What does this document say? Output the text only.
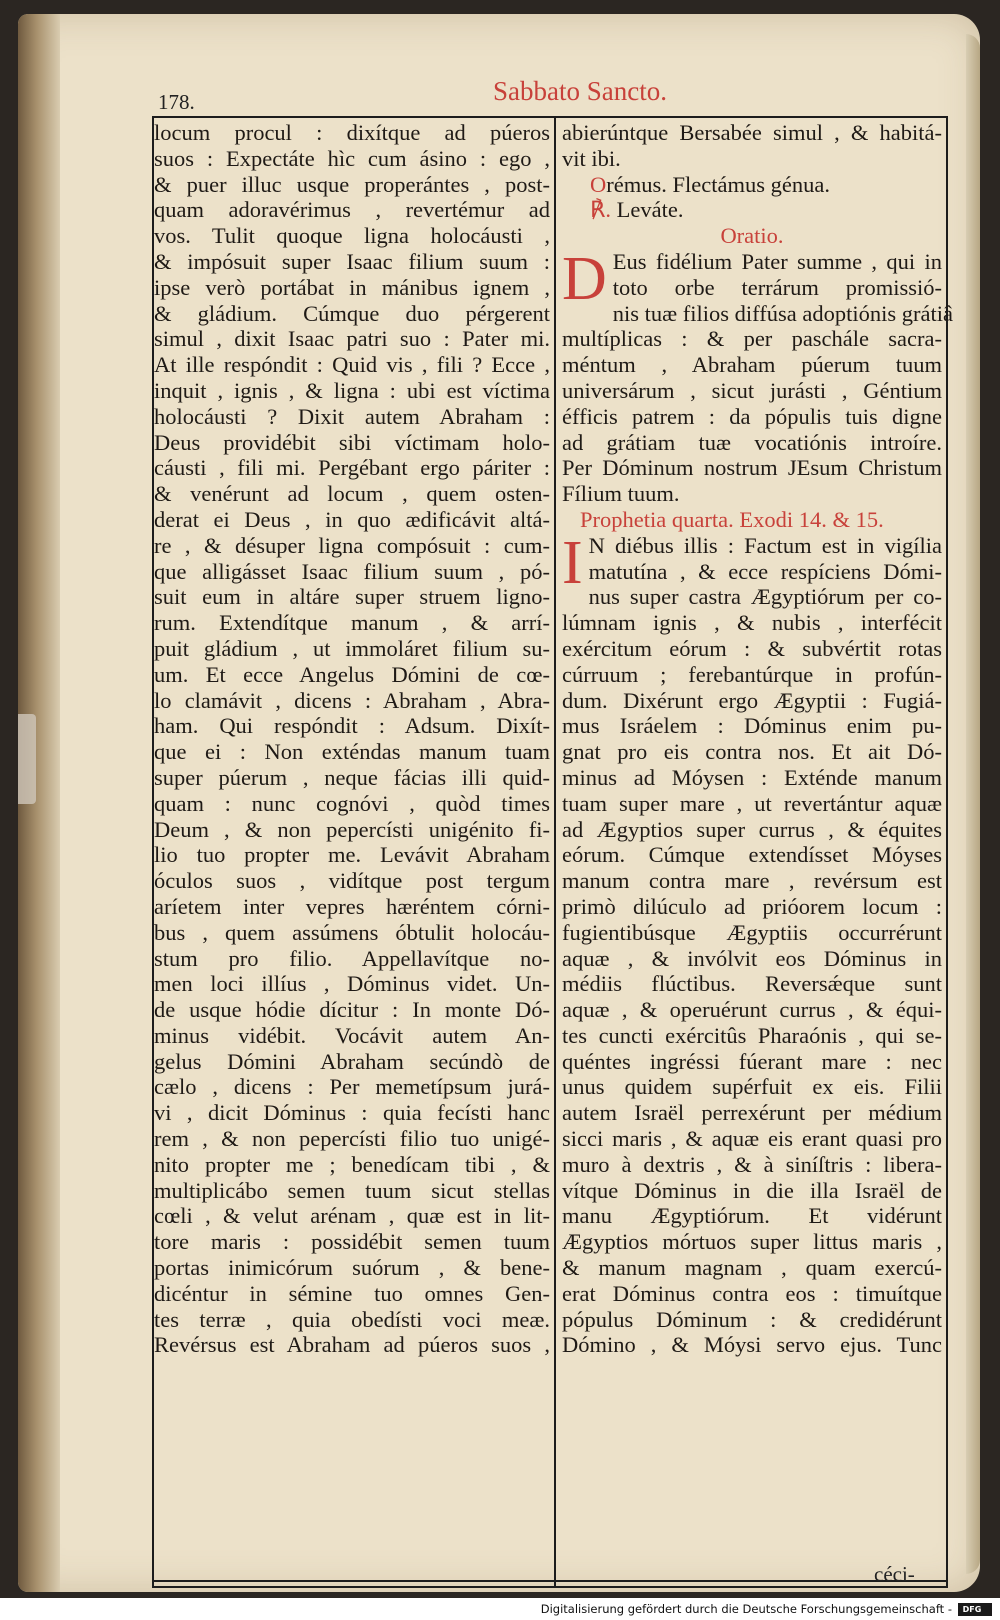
178.	Sabbato Sancto.
locum procul : dixítque ad púeros
suos : Expectáte hìc cum ásino : ego ,
& puer illuc usque properántes , post-
quam adoravérimus , revertémur ad
vos. Tulit quoque ligna holocáusti ,
& impósuit super Isaac filium suum :
ipse verò portábat in mánibus ignem ,
& gládium. Cúmque duo pérgerent
simul , dixit Isaac patri suo : Pater mi.
At ille respóndit : Quid vis , fili ? Ecce ,
inquit , ignis , & ligna : ubi est víctima
holocáusti ? Dixit autem Abraham :
Deus providébit sibi víctimam holo-
cáusti , fili mi. Pergébant ergo páriter :
& venérunt ad locum , quem osten-
derat ei Deus , in quo ædificávit altá-
re , & désuper ligna compósuit : cum-
que alligásset Isaac filium suum , pó-
suit eum in altáre super struem ligno-
rum. Extendítque manum , & arrí-
puit gládium , ut immoláret filium su-
um. Et ecce Angelus Dómini de cœ-
lo clamávit , dicens : Abraham , Abra-
ham. Qui respóndit : Adsum. Dixít-
que ei : Non exténdas manum tuam
super púerum , neque fácias illi quid-
quam : nunc cognóvi , quòd times
Deum , & non pepercísti unigénito fi-
lio tuo propter me. Levávit Abraham
óculos suos , vidítque post tergum
aríetem inter vepres hæréntem córni-
bus , quem assúmens óbtulit holocáu-
stum pro filio. Appellavítque no-
men loci illíus , Dóminus videt. Un-
de usque hódie dícitur : In monte Dó-
minus vidébit. Vocávit autem An-
gelus Dómini Abraham secúndò de
cælo , dicens : Per memetípsum jurá-
vi , dicit Dóminus : quia fecísti hanc
rem , & non pepercísti filio tuo unigé-
nito propter me ; benedícam tibi , &
multiplicábo semen tuum sicut stellas
cœli , & velut arénam , quæ est in lit-
tore maris : possidébit semen tuum
portas inimicórum suórum , & bene-
dicéntur in sémine tuo omnes Gen-
tes terræ , quia obedísti voci meæ.
Revérsus est Abraham ad púeros suos ,
abierúntque Bersabée simul , & habitá-
vit ibi.
Orémus. Flectámus génua.
℟. Leváte.
Oratio.
D Eus fidélium Pater summe , qui in
toto orbe terrárum promissió-
nis tuæ filios diffúsa adoptiónis grátiâ
multíplicas : & per paschále sacra-
méntum , Abraham púerum tuum
universárum , sicut jurásti , Géntium
éfficis patrem : da pópulis tuis digne
ad grátiam tuæ vocatiónis introíre.
Per Dóminum nostrum JEsum Christum
Fílium tuum.
Prophetia quarta. Exodi 14. & 15.
I N diébus illis : Factum est in vigília
matutína , & ecce respíciens Dómi-
nus super castra Ægyptiórum per co-
lúmnam ignis , & nubis , interfécit
exércitum eórum : & subvértit rotas
cúrruum ; ferebantúrque in profún-
dum. Dixérunt ergo Ægyptii : Fugiá-
mus Isráelem : Dóminus enim pu-
gnat pro eis contra nos. Et ait Dó-
minus ad Móysen : Exténde manum
tuam super mare , ut revertántur aquæ
ad Ægyptios super currus , & équites
eórum. Cúmque extendísset Móyses
manum contra mare , revérsum est
primò dilúculo ad prióorem locum :
fugientibúsque Ægyptiis occurrérunt
aquæ , & invólvit eos Dóminus in
médiis flúctibus. Reversǽque sunt
aquæ , & operuérunt currus , & équi-
tes cuncti exércitûs Pharaónis , qui se-
quéntes ingréssi fúerant mare : nec
unus quidem supérfuit ex eis. Filii
autem Israël perrexérunt per médium
sicci maris , & aquæ eis erant quasi pro
muro à dextris , & à siníſtris : libera-
vítque Dóminus in die illa Israël de
manu Ægyptiórum. Et vidérunt
Ægyptios mórtuos super littus maris ,
& manum magnam , quam exercú-
erat Dóminus contra eos : timuítque
pópulus Dóminum : & credidérunt
Dómino , & Móysi servo ejus. Tunc
céci-
Digitalisierung gefördert durch die Deutsche Forschungsgemeinschaft - DFG
